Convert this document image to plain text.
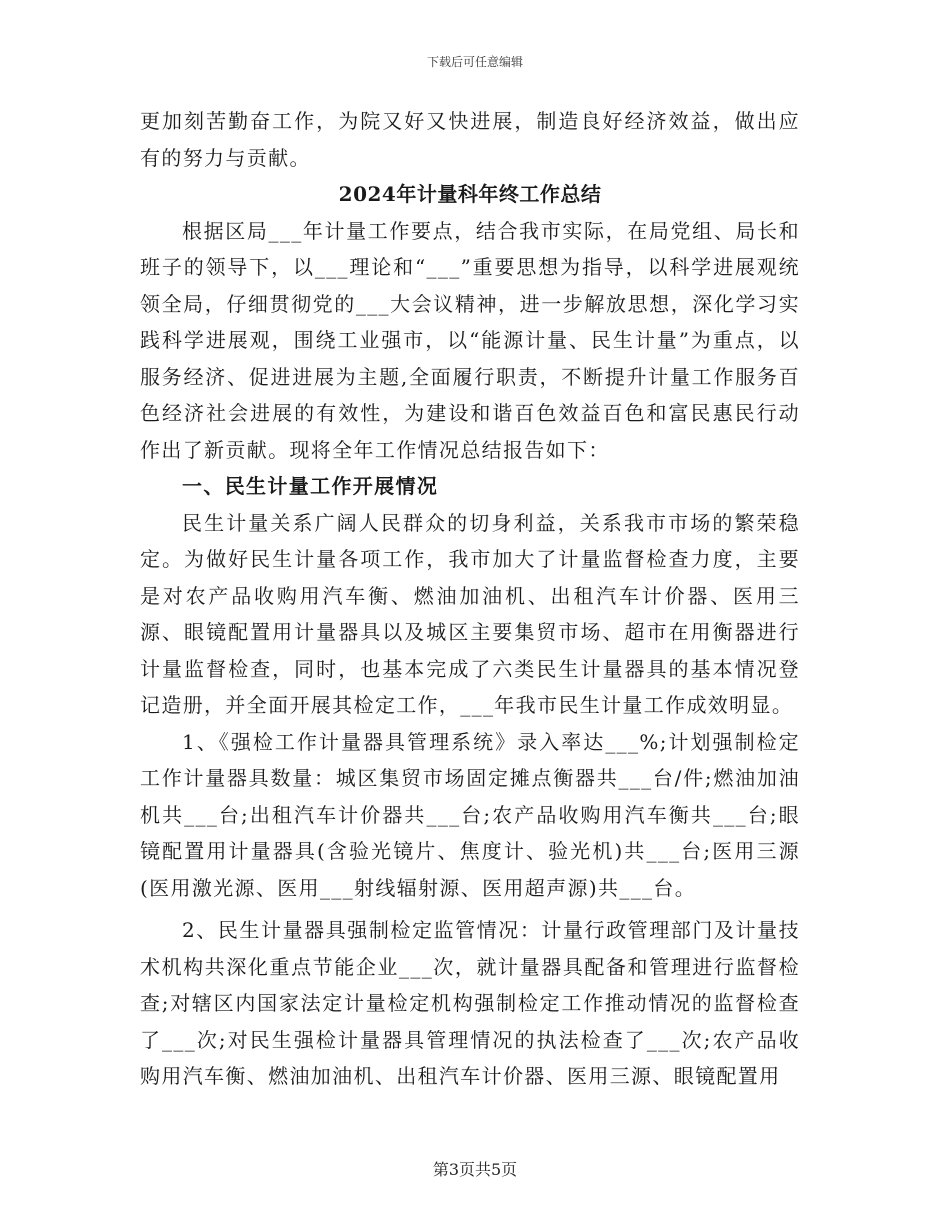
下载后可任意编辑

更加刻苦勤奋工作，为院又好又快进展，制造良好经济效益，做出应有的努力与贡献。

2024年计量科年终工作总结

根据区局___年计量工作要点，结合我市实际，在局党组、局长和班子的领导下，以___理论和“___”重要思想为指导，以科学进展观统领全局，仔细贯彻党的___大会议精神，进一步解放思想，深化学习实践科学进展观，围绕工业强市，以“能源计量、民生计量”为重点，以服务经济、促进进展为主题,全面履行职责，不断提升计量工作服务百色经济社会进展的有效性，为建设和谐百色效益百色和富民惠民行动作出了新贡献。现将全年工作情况总结报告如下：

一、民生计量工作开展情况

民生计量关系广阔人民群众的切身利益，关系我市市场的繁荣稳定。为做好民生计量各项工作，我市加大了计量监督检查力度，主要是对农产品收购用汽车衡、燃油加油机、出租汽车计价器、医用三源、眼镜配置用计量器具以及城区主要集贸市场、超市在用衡器进行计量监督检查，同时，也基本完成了六类民生计量器具的基本情况登记造册，并全面开展其检定工作，___年我市民生计量工作成效明显。

1、《强检工作计量器具管理系统》录入率达___%;计划强制检定工作计量器具数量：城区集贸市场固定摊点衡器共___台/件;燃油加油机共___台;出租汽车计价器共___台;农产品收购用汽车衡共___台;眼镜配置用计量器具(含验光镜片、焦度计、验光机)共___台;医用三源(医用激光源、医用___射线辐射源、医用超声源)共___台。

2、民生计量器具强制检定监管情况：计量行政管理部门及计量技术机构共深化重点节能企业___次，就计量器具配备和管理进行监督检查;对辖区内国家法定计量检定机构强制检定工作推动情况的监督检查了___次;对民生强检计量器具管理情况的执法检查了___次;农产品收购用汽车衡、燃油加油机、出租汽车计价器、医用三源、眼镜配置用

第3页共5页
